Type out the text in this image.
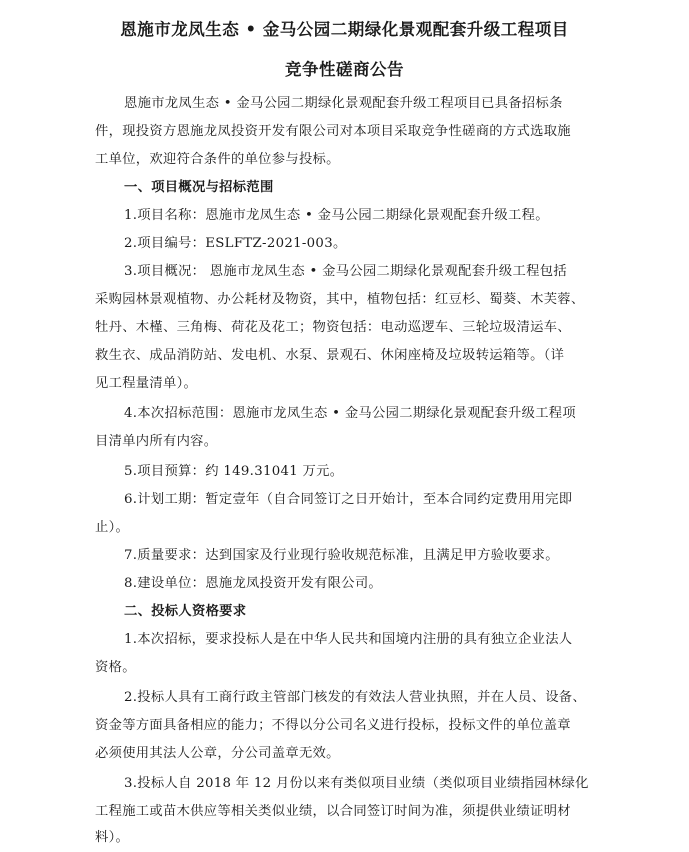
恩施市龙凤生态 • 金马公园二期绿化景观配套升级工程项目
竞争性磋商公告
恩施市龙凤生态 • 金马公园二期绿化景观配套升级工程项目已具备招标条
件，现投资方恩施龙凤投资开发有限公司对本项目采取竞争性磋商的方式选取施
工单位，欢迎符合条件的单位参与投标。
一、项目概况与招标范围
1.项目名称：恩施市龙凤生态 • 金马公园二期绿化景观配套升级工程。
2.项目编号：ESLFTZ-2021-003。
3.项目概况： 恩施市龙凤生态 • 金马公园二期绿化景观配套升级工程包括
采购园林景观植物、办公耗材及物资，其中，植物包括：红豆杉、蜀葵、木芙蓉、
牡丹、木槿、三角梅、荷花及花工；物资包括：电动巡逻车、三轮垃圾清运车、
救生衣、成品消防站、发电机、水泵、景观石、休闲座椅及垃圾转运箱等。（详
见工程量清单）。
4.本次招标范围：恩施市龙凤生态 • 金马公园二期绿化景观配套升级工程项
目清单内所有内容。
5.项目预算：约 149.31041 万元。
6.计划工期：暂定壹年（自合同签订之日开始计，至本合同约定费用用完即
止）。
7.质量要求：达到国家及行业现行验收规范标准，且满足甲方验收要求。
8.建设单位：恩施龙凤投资开发有限公司。
二、投标人资格要求
1.本次招标，要求投标人是在中华人民共和国境内注册的具有独立企业法人
资格。
2.投标人具有工商行政主管部门核发的有效法人营业执照，并在人员、设备、
资金等方面具备相应的能力；不得以分公司名义进行投标，投标文件的单位盖章
必须使用其法人公章，分公司盖章无效。
3.投标人自 2018 年 12 月份以来有类似项目业绩（类似项目业绩指园林绿化
工程施工或苗木供应等相关类似业绩，以合同签订时间为准，须提供业绩证明材
料）。
